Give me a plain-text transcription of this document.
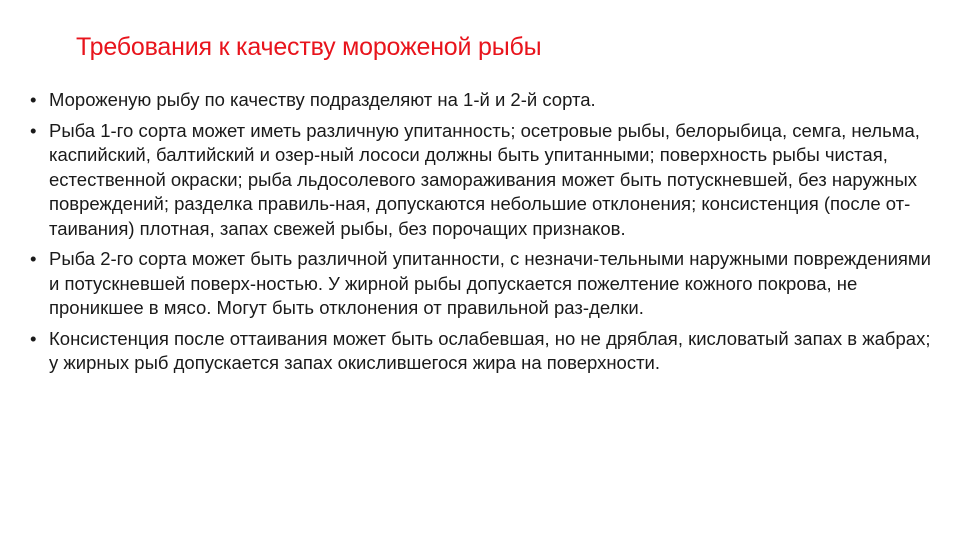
Требования к качеству мороженой рыбы
• Мороженую рыбу по качеству подразделяют на 1-й и 2-й сорта.
• Рыба 1-го сорта может иметь различную упитанность; осетровые рыбы, белорыбица, семга, нельма, каспийский, балтийский и озер-ный лососи должны быть упитанными; поверхность рыбы чистая, естественной окраски; рыба льдосолевого замораживания может быть потускневшей, без наружных повреждений; разделка правиль-ная, допускаются небольшие отклонения; консистенция (после от-таивания) плотная, запах свежей рыбы, без порочащих признаков.
• Рыба 2-го сорта может быть различной упитанности, с незначи-тельными наружными повреждениями и потускневшей поверх-ностью. У жирной рыбы допускается пожелтение кожного покрова, не проникшее в мясо. Могут быть отклонения от правильной раз-делки.
• Консистенция после оттаивания может быть ослабевшая, но не дряблая, кисловатый запах в жабрах; у жирных рыб допускается запах окислившегося жира на поверхности.
